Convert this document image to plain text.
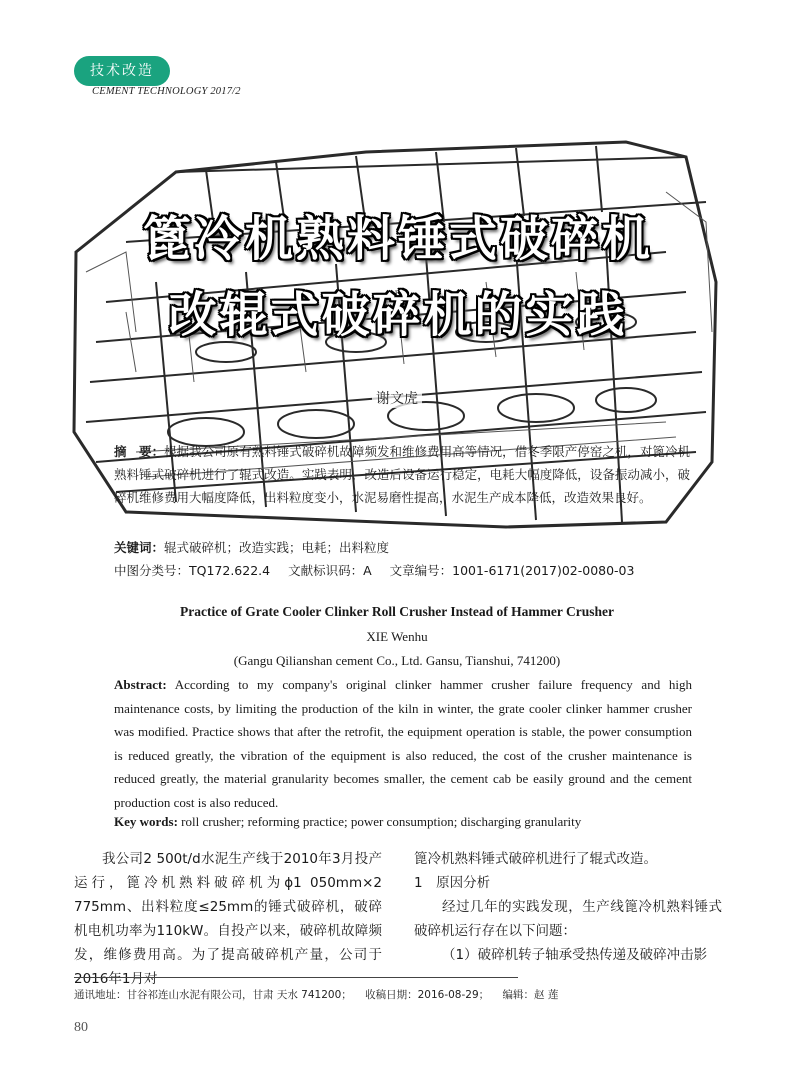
技术改造
CEMENT TECHNOLOGY 2017/2
篦冷机熟料锤式破碎机
改辊式破碎机的实践
谢文虎
摘　要：根据我公司原有熟料锤式破碎机故障频发和维修费用高等情况，借冬季限产停窑之机，对篦冷机熟料锤式破碎机进行了辊式改造。实践表明，改造后设备运行稳定，电耗大幅度降低，设备振动减小，破碎机维修费用大幅度降低，出料粒度变小，水泥易磨性提高，水泥生产成本降低，改造效果良好。
关键词：辊式破碎机；改造实践；电耗；出料粒度
中图分类号：TQ172.622.4 文献标识码：A 文章编号：1001-6171(2017)02-0080-03
Practice of Grate Cooler Clinker Roll Crusher Instead of Hammer Crusher
XIE Wenhu
(Gangu Qilianshan cement Co., Ltd. Gansu, Tianshui, 741200)
Abstract: According to my company's original clinker hammer crusher failure frequency and high maintenance costs, by limiting the production of the kiln in winter, the grate cooler clinker hammer crusher was modified. Practice shows that after the retrofit, the equipment operation is stable, the power consumption is reduced greatly, the vibration of the equipment is also reduced, the cost of the crusher maintenance is reduced greatly, the material granularity becomes smaller, the cement cab be easily ground and the cement production cost is also reduced.
Key words: roll crusher; reforming practice; power consumption; discharging granularity
我公司2 500t/d水泥生产线于2010年3月投产运行，篦冷机熟料破碎机为ϕ1 050mm×2 775mm、出料粒度≤25mm的锤式破碎机，破碎机电机功率为110kW。自投产以来，破碎机故障频发，维修费用高。为了提高破碎机产量，公司于2016年1月对

篦冷机熟料锤式破碎机进行了辊式改造。

1　原因分析

经过几年的实践发现，生产线篦冷机熟料锤式破碎机运行存在以下问题：

（1）破碎机转子轴承受热传递及破碎冲击影

通讯地址：甘谷祁连山水泥有限公司，甘肃 天水 741200； 收稿日期：2016-08-29； 编辑：赵 莲
80
